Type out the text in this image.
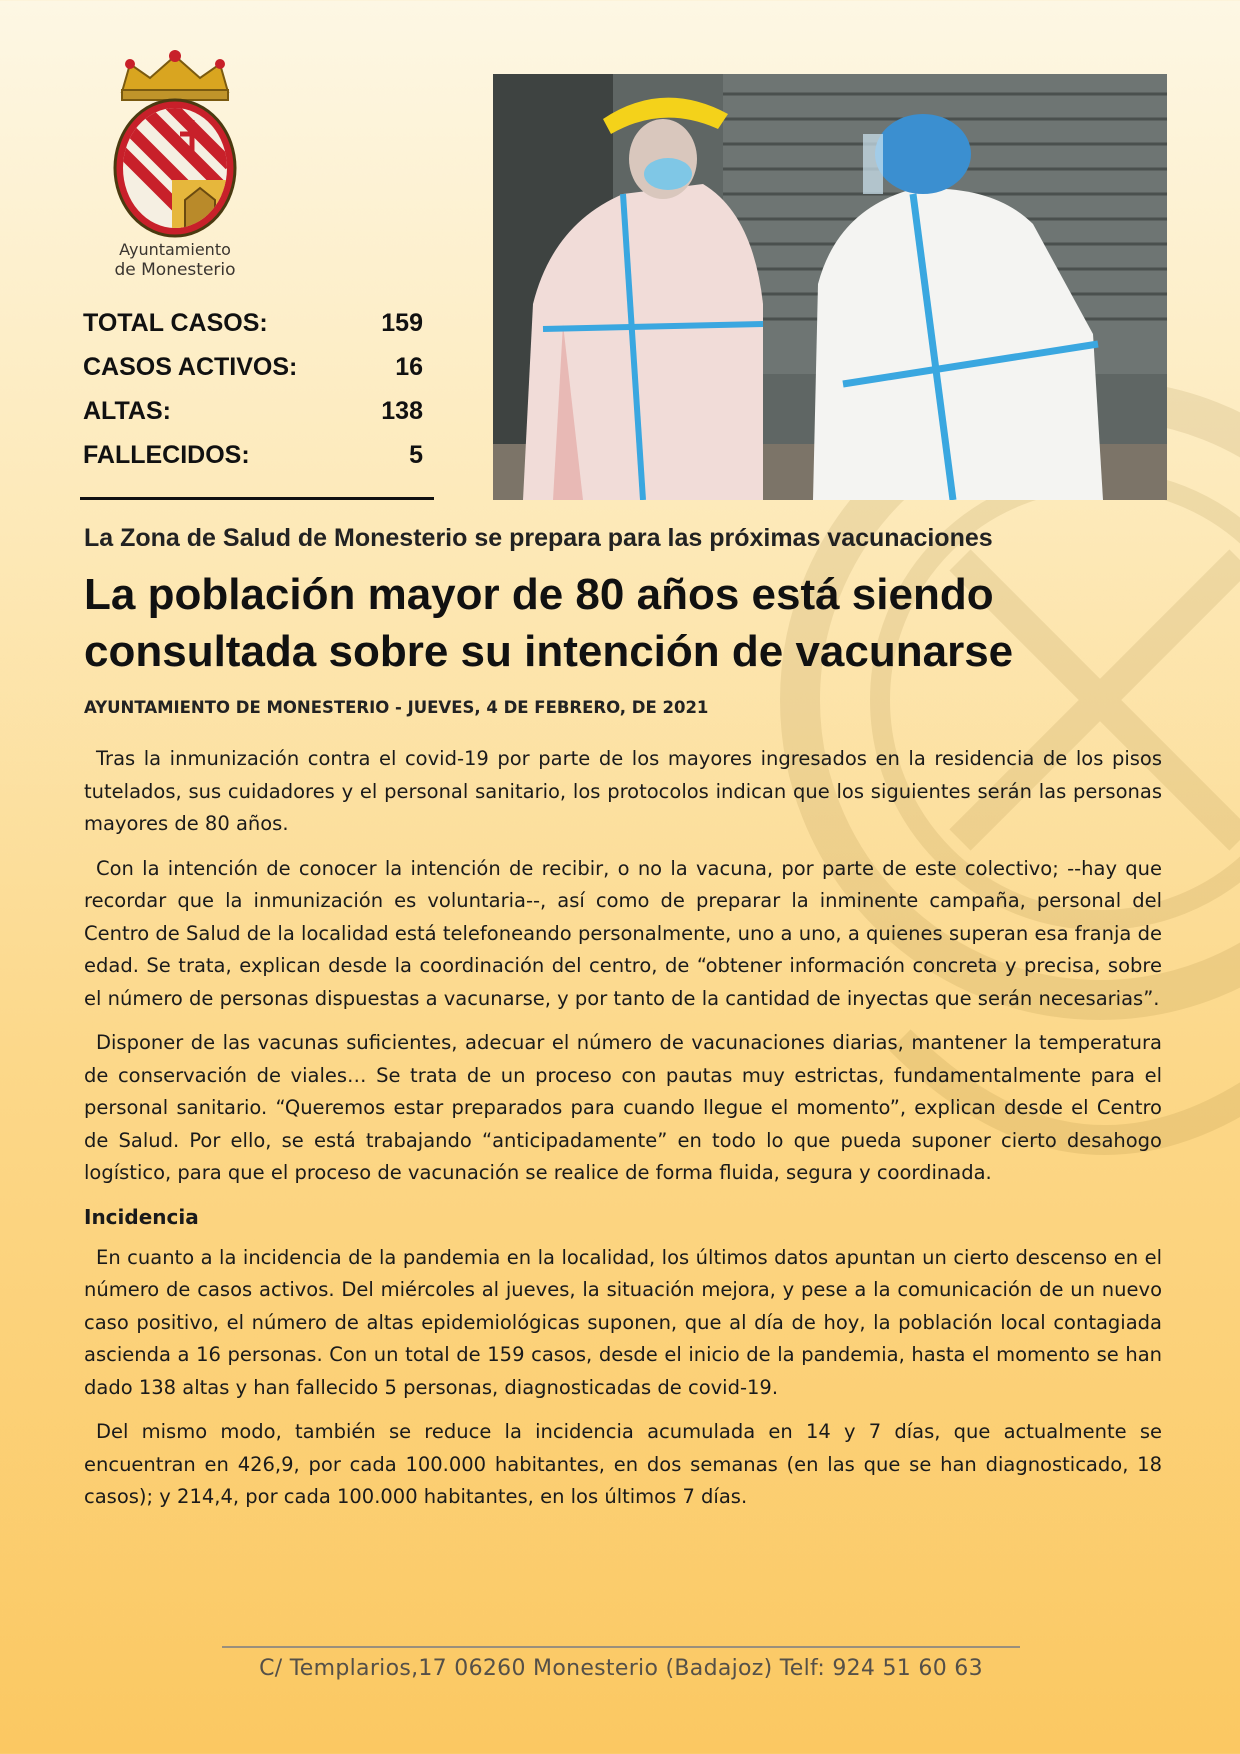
Ayuntamiento
de Monesterio
TOTAL CASOS:	159
CASOS ACTIVOS:	16
ALTAS:	138
FALLECIDOS:	5
La Zona de Salud de Monesterio se prepara para las próximas vacunaciones
La población mayor de 80 años está siendo consultada sobre su intención de vacunarse
AYUNTAMIENTO DE MONESTERIO - JUEVES, 4 DE FEBRERO, DE 2021

Tras la inmunización contra el covid-19 por parte de los mayores ingresados en la residencia de los pisos tutelados, sus cuidadores y el personal sanitario, los protocolos indican que los siguientes serán las personas mayores de 80 años.

Con la intención de conocer la intención de recibir, o no la vacuna, por parte de este colectivo; --hay que recordar que la inmunización es voluntaria--, así como de preparar la inminente campaña, personal del Centro de Salud de la localidad está telefoneando personalmente, uno a uno, a quienes superan esa franja de edad. Se trata, explican desde la coordinación del centro, de “obtener información concreta y precisa, sobre el número de personas dispuestas a vacunarse, y por tanto de la cantidad de inyectas que serán necesarias”.

Disponer de las vacunas suficientes, adecuar el número de vacunaciones diarias, mantener la temperatura de conservación de viales… Se trata de un proceso con pautas muy estrictas, fundamentalmente para el personal sanitario. “Queremos estar preparados para cuando llegue el momento”, explican desde el Centro de Salud. Por ello, se está trabajando “anticipadamente” en todo lo que pueda suponer cierto desahogo logístico, para que el proceso de vacunación se realice de forma fluida, segura y coordinada.

Incidencia

En cuanto a la incidencia de la pandemia en la localidad, los últimos datos apuntan un cierto descenso en el número de casos activos. Del miércoles al jueves, la situación mejora, y pese a la comunicación de un nuevo caso positivo, el número de altas epidemiológicas suponen, que al día de hoy, la población local contagiada ascienda a 16 personas. Con un total de 159 casos, desde el inicio de la pandemia, hasta el momento se han dado 138 altas y han fallecido 5 personas, diagnosticadas de covid-19.

Del mismo modo, también se reduce la incidencia acumulada en 14 y 7 días, que actualmente se encuentran en 426,9, por cada 100.000 habitantes, en dos semanas (en las que se han diagnosticado, 18 casos); y 214,4, por cada 100.000 habitantes, en los últimos 7 días.

C/ Templarios,17 06260 Monesterio (Badajoz) Telf: 924 51 60 63
